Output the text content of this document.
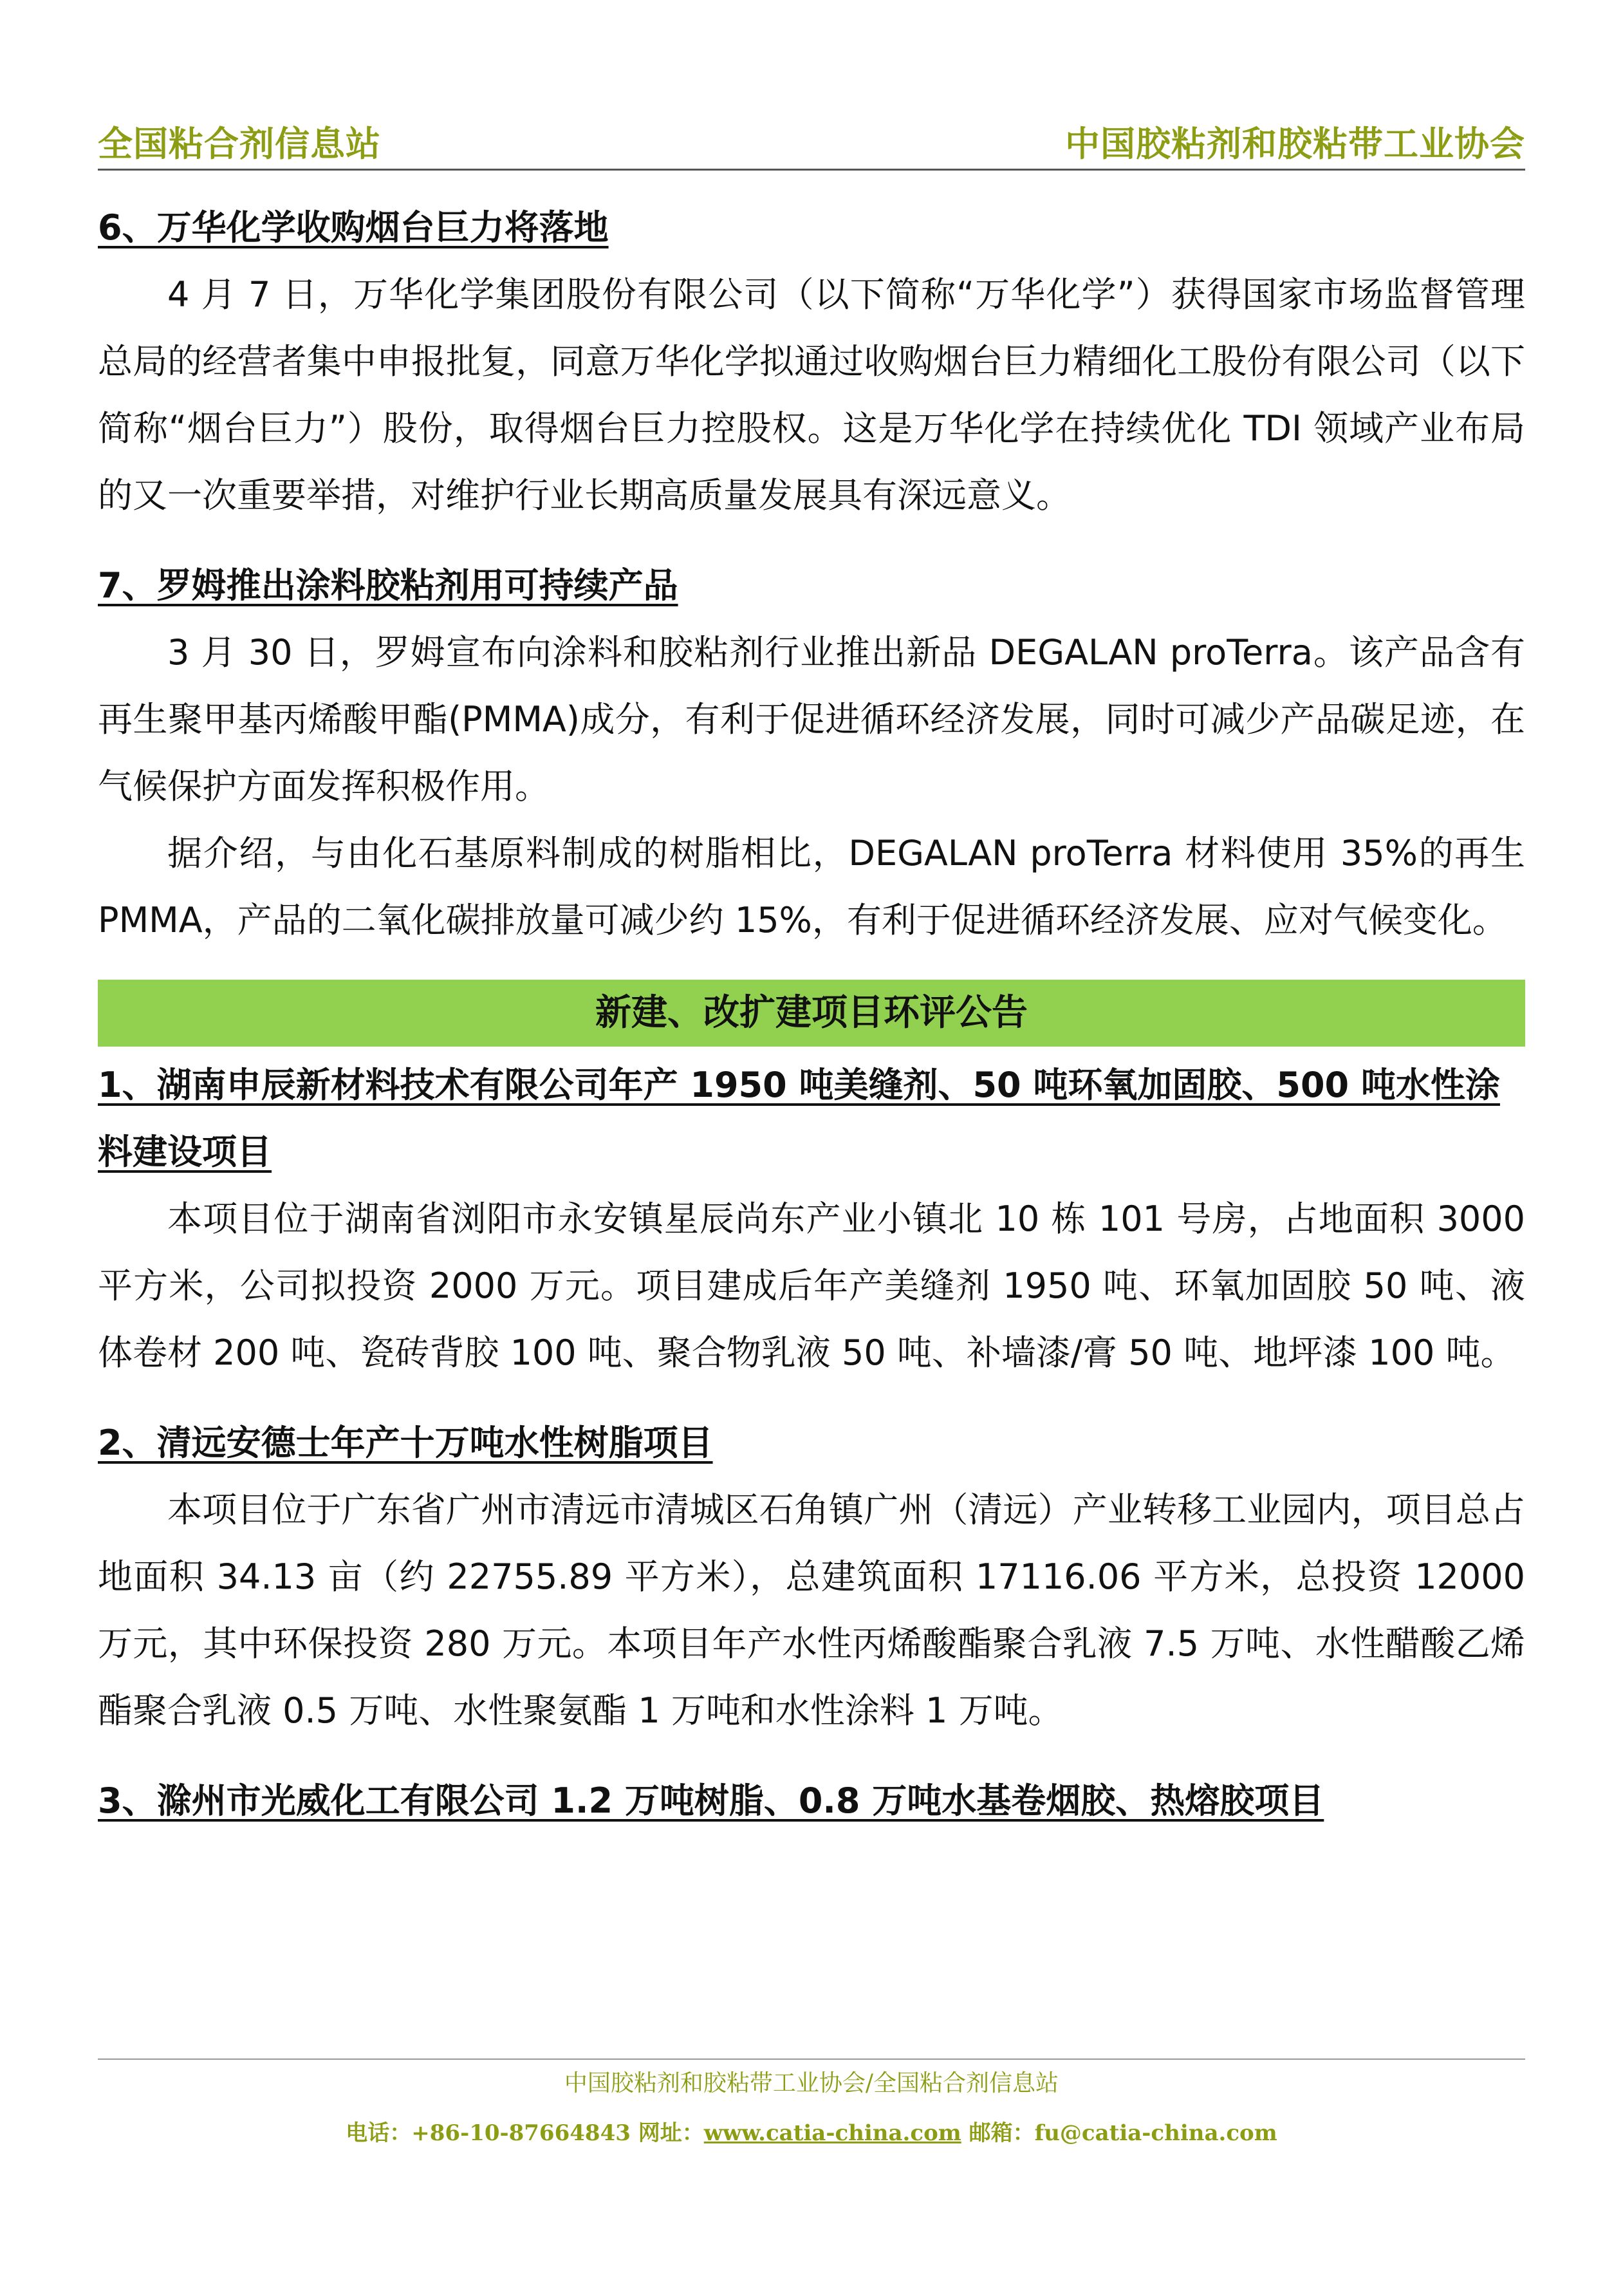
全国粘合剂信息站	中国胶粘剂和胶粘带工业协会

6、万华化学收购烟台巨力将落地

4 月 7 日，万华化学集团股份有限公司（以下简称“万华化学”）获得国家市场监督管理总局的经营者集中申报批复，同意万华化学拟通过收购烟台巨力精细化工股份有限公司（以下简称“烟台巨力”）股份，取得烟台巨力控股权。这是万华化学在持续优化 TDI 领域产业布局的又一次重要举措，对维护行业长期高质量发展具有深远意义。

7、罗姆推出涂料胶粘剂用可持续产品

3 月 30 日，罗姆宣布向涂料和胶粘剂行业推出新品 DEGALAN proTerra。该产品含有再生聚甲基丙烯酸甲酯(PMMA)成分，有利于促进循环经济发展，同时可减少产品碳足迹，在气候保护方面发挥积极作用。

据介绍，与由化石基原料制成的树脂相比，DEGALAN proTerra 材料使用 35%的再生 PMMA，产品的二氧化碳排放量可减少约 15%，有利于促进循环经济发展、应对气候变化。

新建、改扩建项目环评公告

1、湖南申辰新材料技术有限公司年产 1950 吨美缝剂、50 吨环氧加固胶、500 吨水性涂料建设项目

本项目位于湖南省浏阳市永安镇星辰尚东产业小镇北 10 栋 101 号房，占地面积 3000 平方米，公司拟投资 2000 万元。项目建成后年产美缝剂 1950 吨、环氧加固胶 50 吨、液体卷材 200 吨、瓷砖背胶 100 吨、聚合物乳液 50 吨、补墙漆/膏 50 吨、地坪漆 100 吨。

2、清远安德士年产十万吨水性树脂项目

本项目位于广东省广州市清远市清城区石角镇广州（清远）产业转移工业园内，项目总占地面积 34.13 亩（约 22755.89 平方米），总建筑面积 17116.06 平方米，总投资 12000 万元，其中环保投资 280 万元。本项目年产水性丙烯酸酯聚合乳液 7.5 万吨、水性醋酸乙烯酯聚合乳液 0.5 万吨、水性聚氨酯 1 万吨和水性涂料 1 万吨。

3、滁州市光威化工有限公司 1.2 万吨树脂、0.8 万吨水基卷烟胶、热熔胶项目

中国胶粘剂和胶粘带工业协会/全国粘合剂信息站
电话：+86-10-87664843 网址：www.catia-china.com 邮箱：fu@catia-china.com
